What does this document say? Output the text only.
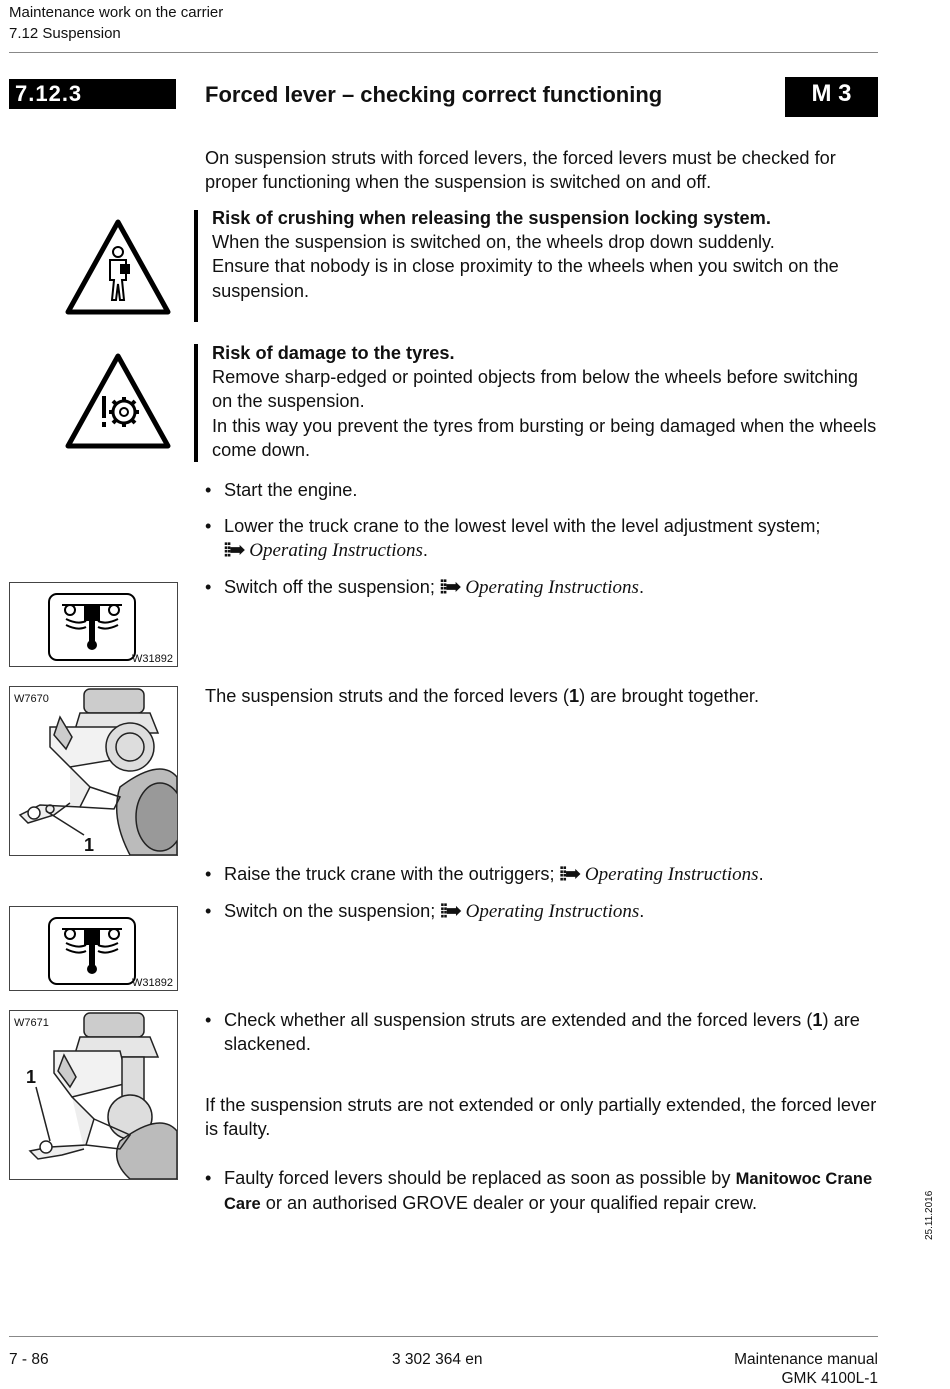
Maintenance work on the carrier
7.12 Suspension
7.12.3	Forced lever – checking correct functioning	M 3
On suspension struts with forced levers, the forced levers must be checked for proper functioning when the suspension is switched on and off.
Risk of crushing when releasing the suspension locking system.
When the suspension is switched on, the wheels drop down suddenly.
Ensure that nobody is in close proximity to the wheels when you switch on the suspension.
Risk of damage to the tyres.
Remove sharp-edged or pointed objects from below the wheels before switching on the suspension.
In this way you prevent the tyres from bursting or being damaged when the wheels come down.
• Start the engine.
• Lower the truck crane to the lowest level with the level adjustment system; ⦙⦙➡ Operating Instructions.
• Switch off the suspension; ⦙⦙➡ Operating Instructions.
W31892
W7670
1
The suspension struts and the forced levers (1) are brought together.
• Raise the truck crane with the outriggers; ⦙⦙➡ Operating Instructions.
• Switch on the suspension; ⦙⦙➡ Operating Instructions.
W31892
W7671
1
• Check whether all suspension struts are extended and the forced levers (1) are slackened.
If the suspension struts are not extended or only partially extended, the forced lever is faulty.
• Faulty forced levers should be replaced as soon as possible by Manitowoc Crane Care or an authorised GROVE dealer or your qualified repair crew.	25.11.2016
7 - 86	3 302 364 en	Maintenance manual
GMK 4100L-1
